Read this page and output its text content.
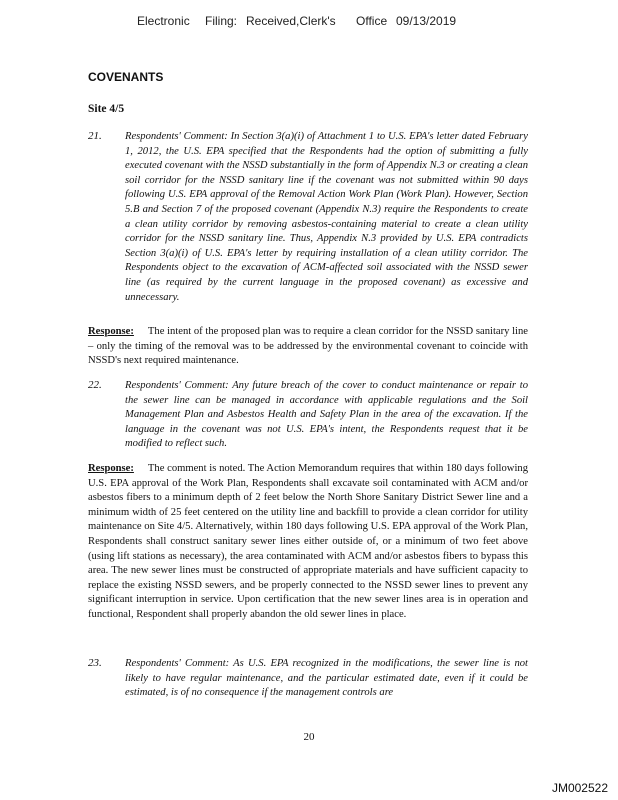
Electronic Filing: Received,Clerk's Office 09/13/2019
COVENANTS
Site 4/5
21. Respondents' Comment: In Section 3(a)(i) of Attachment 1 to U.S. EPA's letter dated February 1, 2012, the U.S. EPA specified that the Respondents had the option of submitting a fully executed covenant with the NSSD substantially in the form of Appendix N.3 or creating a clean soil corridor for the NSSD sanitary line if the covenant was not submitted within 90 days following U.S. EPA approval of the Removal Action Work Plan (Work Plan). However, Section 5.B and Section 7 of the proposed covenant (Appendix N.3) require the Respondents to create a clean utility corridor by removing asbestos-containing material to create a clean utility corridor for the NSSD sanitary line. Thus, Appendix N.3 provided by U.S. EPA contradicts Section 3(a)(i) of U.S. EPA's letter by requiring installation of a clean utility corridor. The Respondents object to the excavation of ACM-affected soil associated with the NSSD sewer line (as required by the current language in the proposed covenant) as excessive and unnecessary.
Response: The intent of the proposed plan was to require a clean corridor for the NSSD sanitary line – only the timing of the removal was to be addressed by the environmental covenant to coincide with NSSD's next required maintenance.
22. Respondents' Comment: Any future breach of the cover to conduct maintenance or repair to the sewer line can be managed in accordance with applicable regulations and the Soil Management Plan and Asbestos Health and Safety Plan in the area of the excavation. If the language in the covenant was not U.S. EPA's intent, the Respondents request that it be modified to reflect such.
Response: The comment is noted. The Action Memorandum requires that within 180 days following U.S. EPA approval of the Work Plan, Respondents shall excavate soil contaminated with ACM and/or asbestos fibers to a minimum depth of 2 feet below the North Shore Sanitary District Sewer line and a minimum width of 25 feet centered on the utility line and backfill to provide a clean corridor for utility maintenance on Site 4/5. Alternatively, within 180 days following U.S. EPA approval of the Work Plan, Respondents shall construct sanitary sewer lines either outside of, or a minimum of two feet above (using lift stations as necessary), the area contaminated with ACM and/or asbestos fibers to bypass this area. The new sewer lines must be constructed of appropriate materials and have sufficient capacity to replace the existing NSSD sewers, and be properly connected to the NSSD sewer lines to prevent any significant interruption in service. Upon certification that the new sewer lines area is in operation and functional, Respondent shall properly abandon the old sewer lines in place.
23. Respondents' Comment: As U.S. EPA recognized in the modifications, the sewer line is not likely to have regular maintenance, and the particular estimated date, even if it could be estimated, is of no consequence if the management controls are
20
JM002522
